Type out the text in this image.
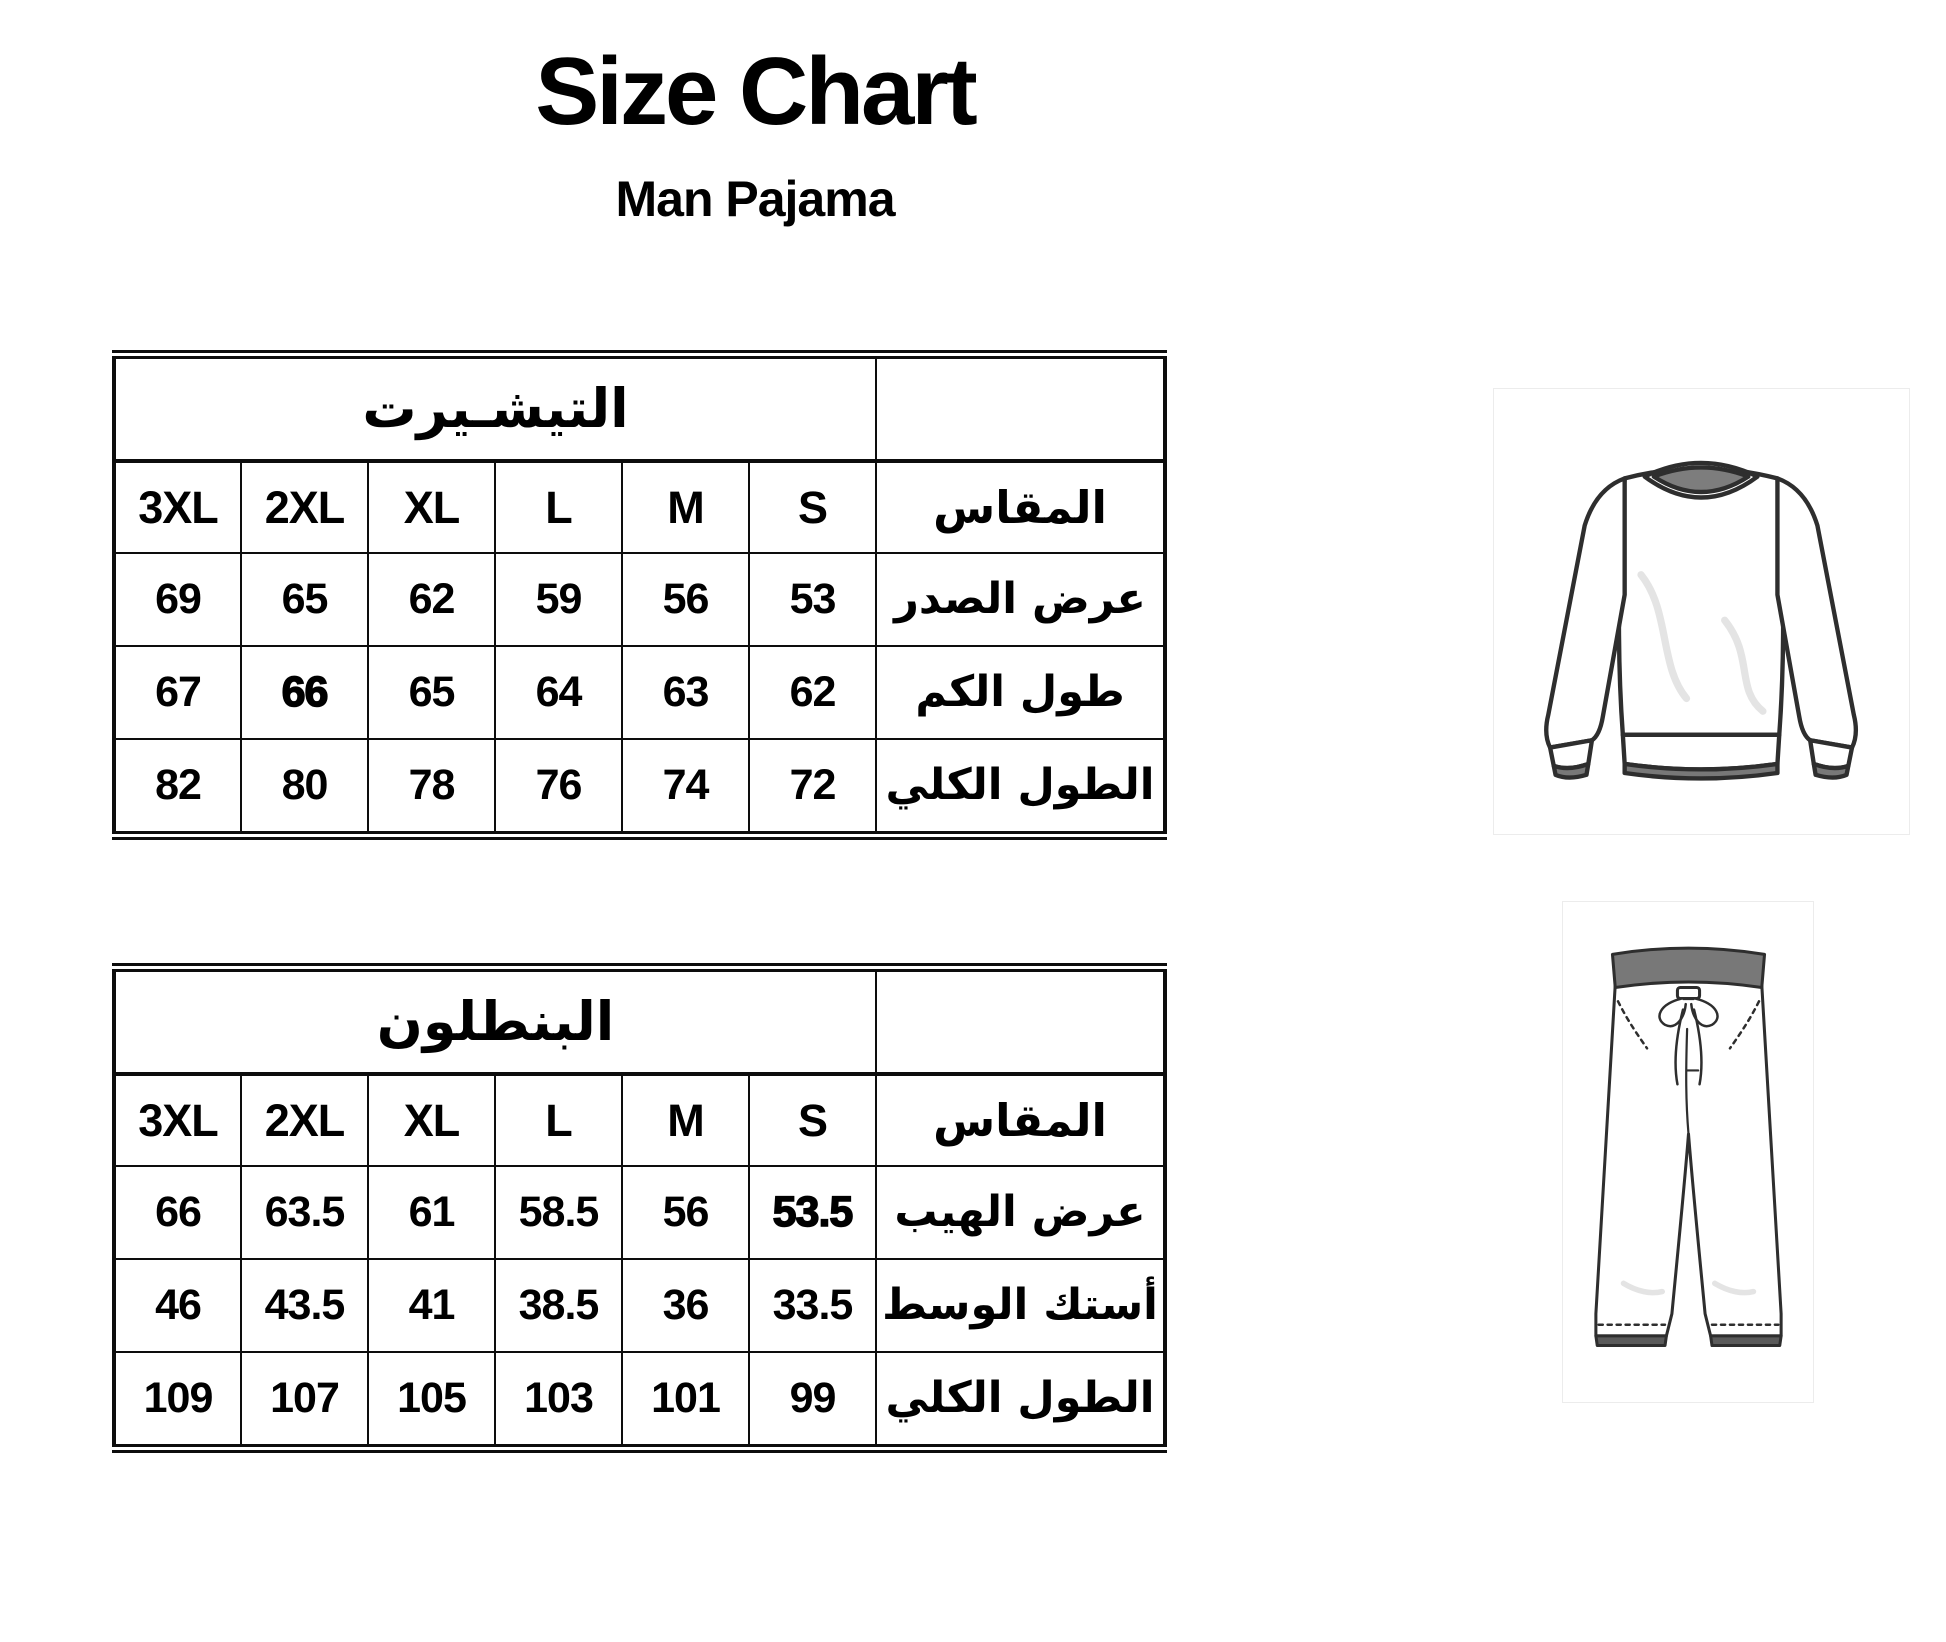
Size Chart
Man Pajama
التيشـيرت						
3XL	2XL	XL	L	M	S	المقاس
69	65	62	59	56	53	عرض الصدر
67	66	65	64	63	62	طول الكم
82	80	78	76	74	72	الطول الكلي
البنطلون						
3XL	2XL	XL	L	M	S	المقاس
66	63.5	61	58.5	56	53.5	عرض الهيب
46	43.5	41	38.5	36	33.5	أستك الوسط
109	107	105	103	101	99	الطول الكلي
